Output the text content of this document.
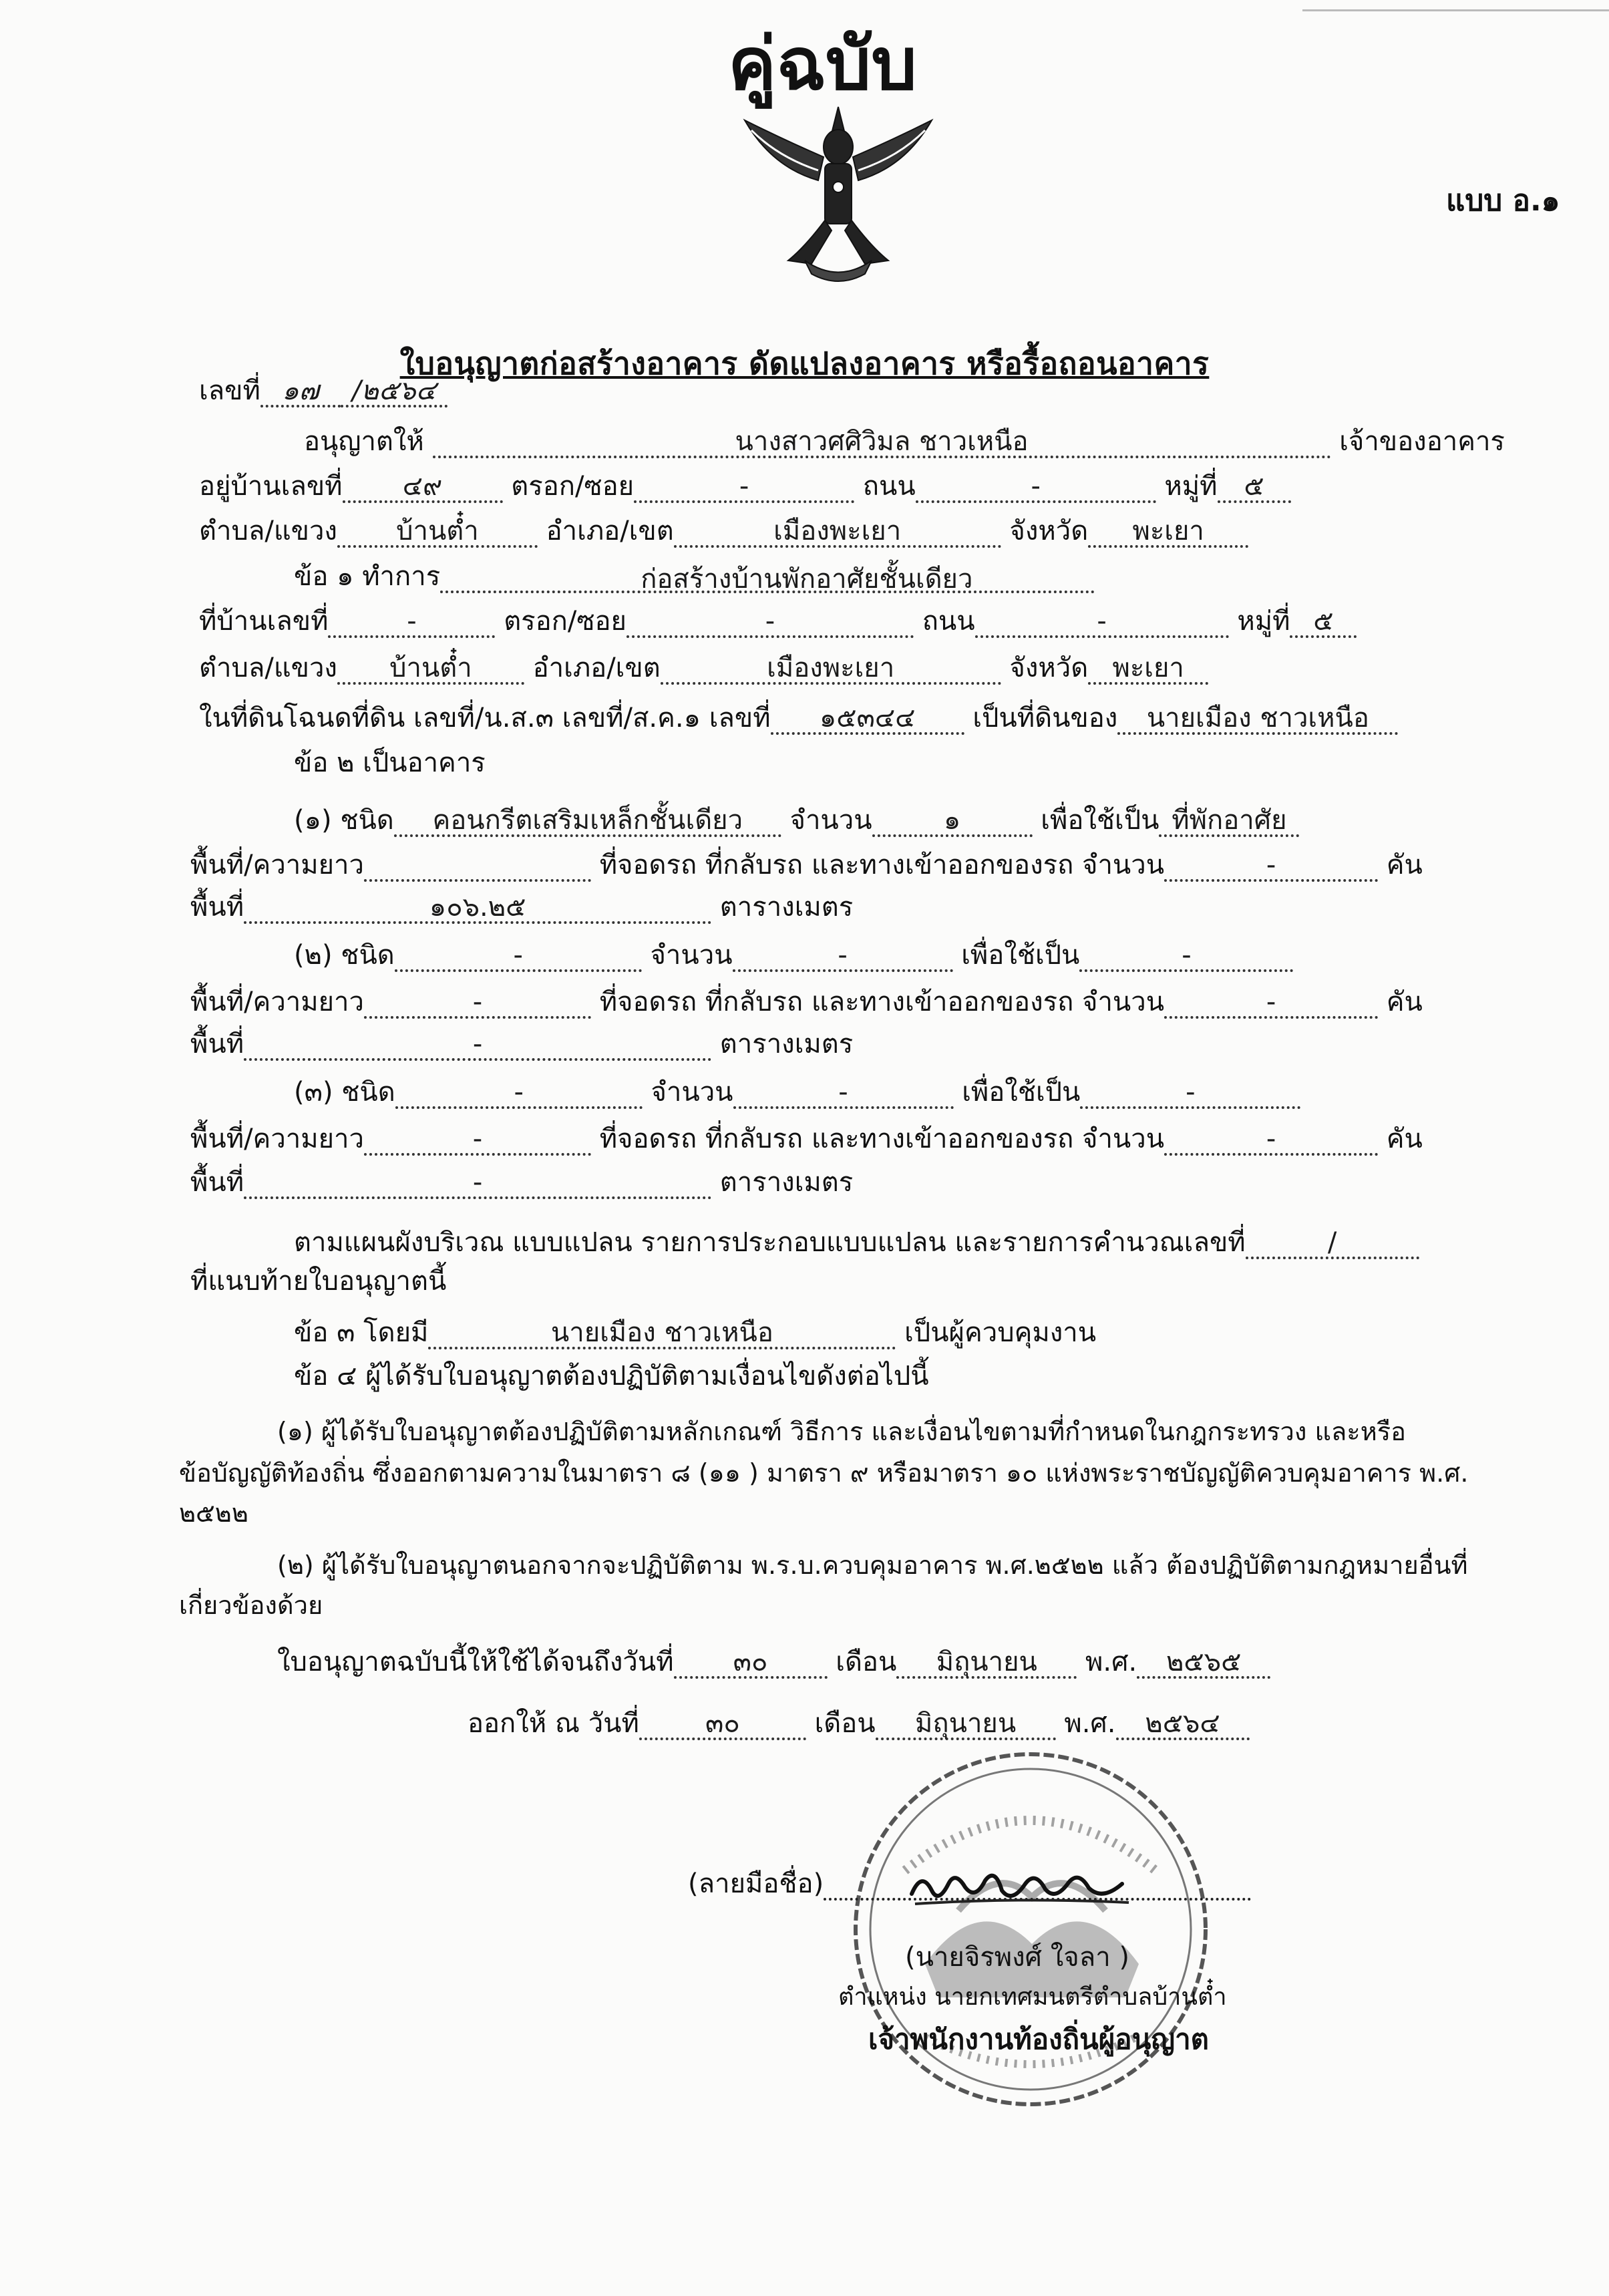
คู่ฉบับ
แบบ อ.๑
ใบอนุญาตก่อสร้างอาคาร ดัดแปลงอาคาร หรือรื้อถอนอาคาร
เลขที่ ๑๗ /๒๕๖๔
อนุญาตให้	นางสาวศศิวิมล ชาวเหนือ	เจ้าของอาคาร
อยู่บ้านเลขที่ ๔๙	ตรอก/ซอย	-	ถนน	-	หมู่ที่ ๕
ตำบล/แขวง บ้านต๋ำ	อำเภอ/เขต	เมืองพะเยา	จังหวัด พะเยา
ข้อ ๑ ทำการ	ก่อสร้างบ้านพักอาศัยชั้นเดียว
ที่บ้านเลขที่	-	ตรอก/ซอย	-	ถนน	-	หมู่ที่ ๕
ตำบล/แขวง บ้านต๋ำ อำเภอ/เขต	เมืองพะเยา	จังหวัด พะเยา
ในที่ดินโฉนดที่ดิน เลขที่/น.ส.๓ เลขที่/ส.ค.๑ เลขที่ ๑๕๓๔๔ เป็นที่ดินของ นายเมือง ชาวเหนือ
ข้อ ๒ เป็นอาคาร
(๑) ชนิด คอนกรีตเสริมเหล็กชั้นเดียว จำนวน	๑	เพื่อใช้เป็น ที่พักอาศัย
พื้นที่/ความยาว	ที่จอดรถ ที่กลับรถ และทางเข้าออกของรถ จำนวน	-	คัน
พื้นที่	๑๐๖.๒๕	ตารางเมตร
(๒) ชนิด	-	จำนวน	-	เพื่อใช้เป็น	-
พื้นที่/ความยาว	-	ที่จอดรถ ที่กลับรถ และทางเข้าออกของรถ จำนวน	-	คัน
พื้นที่	-	ตารางเมตร
(๓) ชนิด	-	จำนวน	-	เพื่อใช้เป็น	-
พื้นที่/ความยาว	-	ที่จอดรถ ที่กลับรถ และทางเข้าออกของรถ จำนวน	-	คัน
พื้นที่	-	ตารางเมตร
ตามแผนผังบริเวณ แบบแปลน รายการประกอบแบบแปลน และรายการคำนวณเลขที่	/
ที่แนบท้ายใบอนุญาตนี้
ข้อ ๓ โดยมี	นายเมือง ชาวเหนือ	เป็นผู้ควบคุมงาน
ข้อ ๔ ผู้ได้รับใบอนุญาตต้องปฏิบัติตามเงื่อนไขดังต่อไปนี้
(๑) ผู้ได้รับใบอนุญาตต้องปฏิบัติตามหลักเกณฑ์ วิธีการ และเงื่อนไขตามที่กำหนดในกฎกระทรวง และหรือ
ข้อบัญญัติท้องถิ่น ซึ่งออกตามความในมาตรา ๘ (๑๑ ) มาตรา ๙ หรือมาตรา ๑๐ แห่งพระราชบัญญัติควบคุมอาคาร พ.ศ.
๒๕๒๒
(๒) ผู้ได้รับใบอนุญาตนอกจากจะปฏิบัติตาม พ.ร.บ.ควบคุมอาคาร พ.ศ.๒๕๒๒ แล้ว ต้องปฏิบัติตามกฎหมายอื่นที่
เกี่ยวข้องด้วย
ใบอนุญาตฉบับนี้ให้ใช้ได้จนถึงวันที่ ๓๐	เดือน มิถุนายน พ.ศ. ๒๕๖๕
ออกให้ ณ วันที่ ๓๐	เดือน มิถุนายน พ.ศ. ๒๕๖๔
(ลายมือชื่อ)
(นายจิรพงศ์ ใจลา )
ตำแหน่ง นายกเทศมนตรีตำบลบ้านต๋ำ
เจ้าพนักงานท้องถิ่นผู้อนุญาต
